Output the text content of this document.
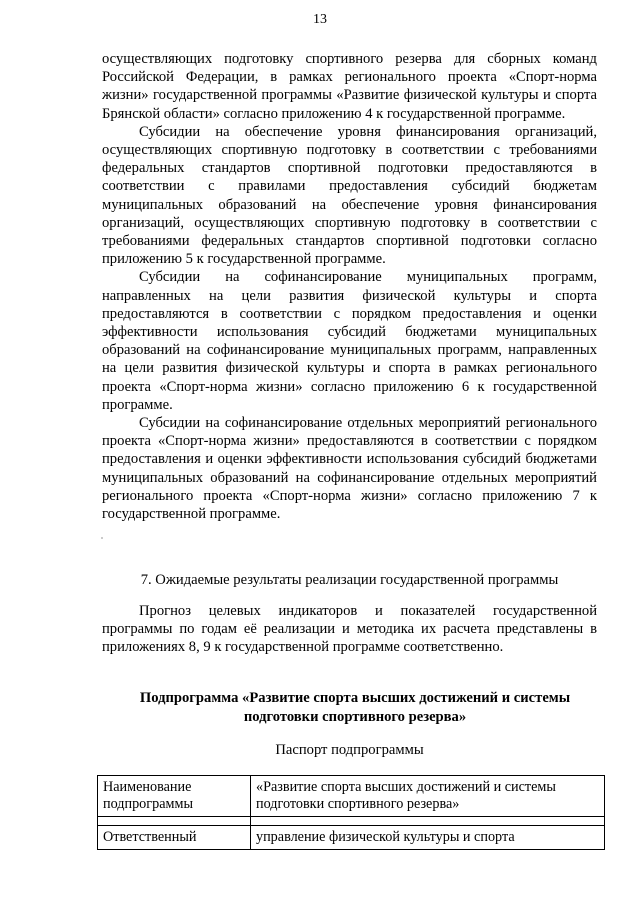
13

осуществляющих подготовку спортивного резерва для сборных команд Российской Федерации, в рамках регионального проекта «Спорт-норма жизни» государственной программы «Развитие физической культуры и спорта Брянской области» согласно приложению 4 к государственной программе.

Субсидии на обеспечение уровня финансирования организаций, осуществляющих спортивную подготовку в соответствии с требованиями федеральных стандартов спортивной подготовки предоставляются в соответствии с правилами предоставления субсидий бюджетам муниципальных образований на обеспечение уровня финансирования организаций, осуществляющих спортивную подготовку в соответствии с требованиями федеральных стандартов спортивной подготовки согласно приложению 5 к государственной программе.

Субсидии на софинансирование муниципальных программ, направленных на цели развития физической культуры и спорта предоставляются в соответствии с порядком предоставления и оценки эффективности использования субсидий бюджетами муниципальных образований на софинансирование муниципальных программ, направленных на цели развития физической культуры и спорта в рамках регионального проекта «Спорт-норма жизни» согласно приложению 6 к государственной программе.

Субсидии на софинансирование отдельных мероприятий регионального проекта «Спорт-норма жизни» предоставляются в соответствии с порядком предоставления и оценки эффективности использования субсидий бюджетами муниципальных образований на софинансирование отдельных мероприятий регионального проекта «Спорт-норма жизни» согласно приложению 7 к государственной программе.

7. Ожидаемые результаты реализации государственной программы

Прогноз целевых индикаторов и показателей государственной программы по годам её реализации и методика их расчета представлены в приложениях 8, 9 к государственной программе соответственно.

Подпрограмма «Развитие спорта высших достижений и системы
подготовки спортивного резерва»
Паспорт подпрограммы
Наименование подпрограммы	«Развитие спорта высших достижений и системы подготовки спортивного резерва»

Ответственный	управление физической культуры и спорта
